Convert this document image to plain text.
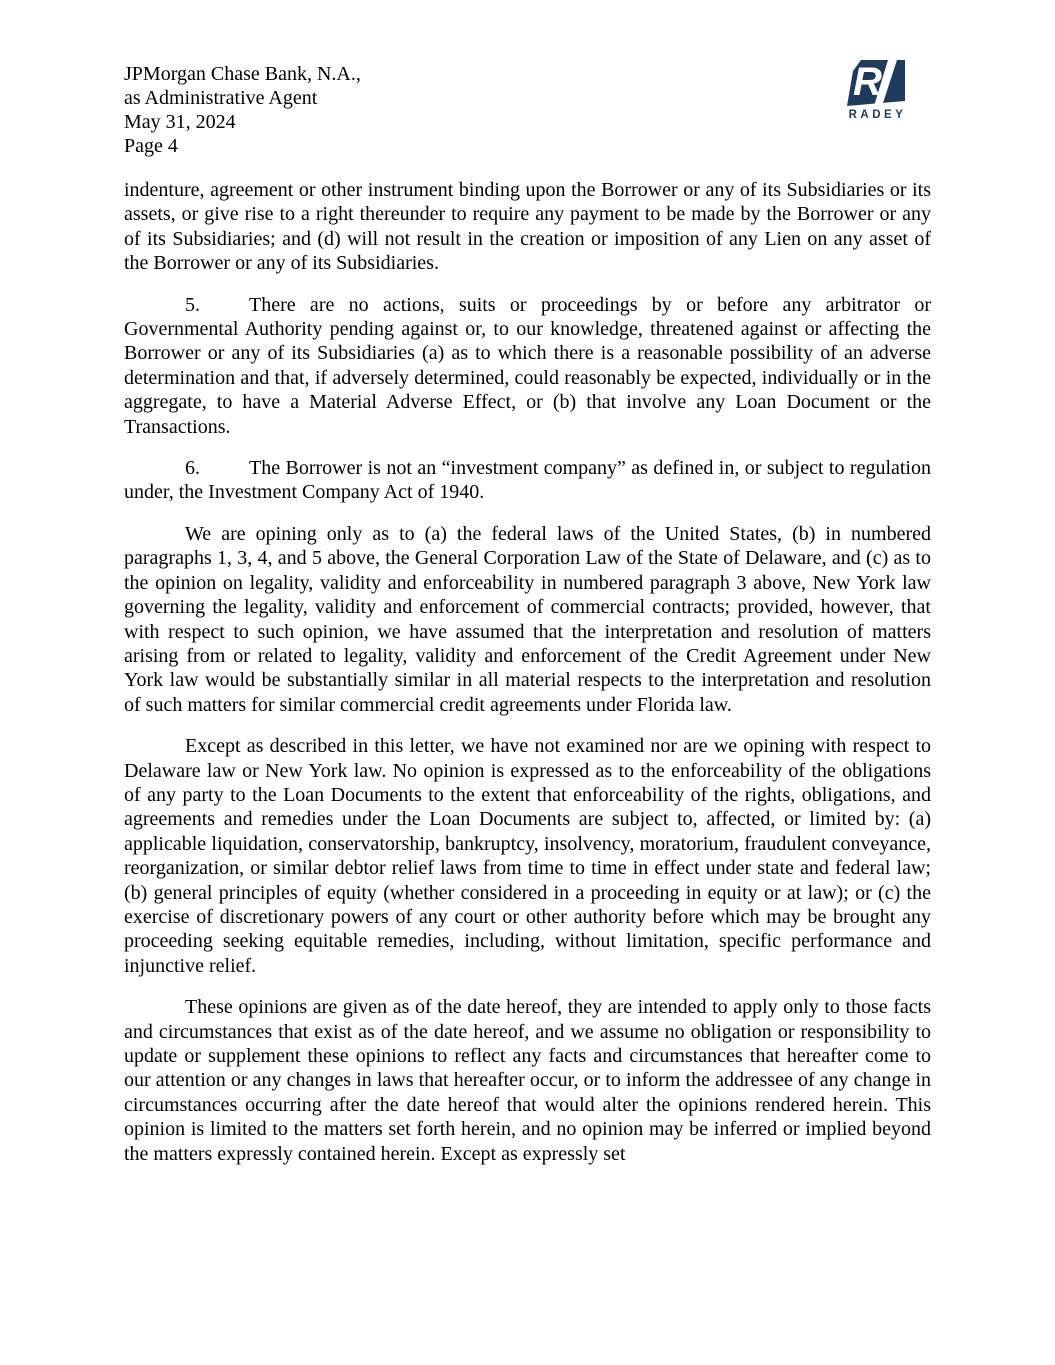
JPMorgan Chase Bank, N.A.,
as Administrative Agent
May 31, 2024
Page 4
R
RADEY

indenture, agreement or other instrument binding upon the Borrower or any of its Subsidiaries or its assets, or give rise to a right thereunder to require any payment to be made by the Borrower or any of its Subsidiaries; and (d) will not result in the creation or imposition of any Lien on any asset of the Borrower or any of its Subsidiaries.

5. There are no actions, suits or proceedings by or before any arbitrator or Governmental Authority pending against or, to our knowledge, threatened against or affecting the Borrower or any of its Subsidiaries (a) as to which there is a reasonable possibility of an adverse determination and that, if adversely determined, could reasonably be expected, individually or in the aggregate, to have a Material Adverse Effect, or (b) that involve any Loan Document or the Transactions.

6. The Borrower is not an “investment company” as defined in, or subject to regulation under, the Investment Company Act of 1940.

We are opining only as to (a) the federal laws of the United States, (b) in numbered paragraphs 1, 3, 4, and 5 above, the General Corporation Law of the State of Delaware, and (c) as to the opinion on legality, validity and enforceability in numbered paragraph 3 above, New York law governing the legality, validity and enforcement of commercial contracts; provided, however, that with respect to such opinion, we have assumed that the interpretation and resolution of matters arising from or related to legality, validity and enforcement of the Credit Agreement under New York law would be substantially similar in all material respects to the interpretation and resolution of such matters for similar commercial credit agreements under Florida law.

Except as described in this letter, we have not examined nor are we opining with respect to Delaware law or New York law. No opinion is expressed as to the enforceability of the obligations of any party to the Loan Documents to the extent that enforceability of the rights, obligations, and agreements and remedies under the Loan Documents are subject to, affected, or limited by: (a) applicable liquidation, conservatorship, bankruptcy, insolvency, moratorium, fraudulent conveyance, reorganization, or similar debtor relief laws from time to time in effect under state and federal law; (b) general principles of equity (whether considered in a proceeding in equity or at law); or (c) the exercise of discretionary powers of any court or other authority before which may be brought any proceeding seeking equitable remedies, including, without limitation, specific performance and injunctive relief.

These opinions are given as of the date hereof, they are intended to apply only to those facts and circumstances that exist as of the date hereof, and we assume no obligation or responsibility to update or supplement these opinions to reflect any facts and circumstances that hereafter come to our attention or any changes in laws that hereafter occur, or to inform the addressee of any change in circumstances occurring after the date hereof that would alter the opinions rendered herein. This opinion is limited to the matters set forth herein, and no opinion may be inferred or implied beyond the matters expressly contained herein. Except as expressly set
